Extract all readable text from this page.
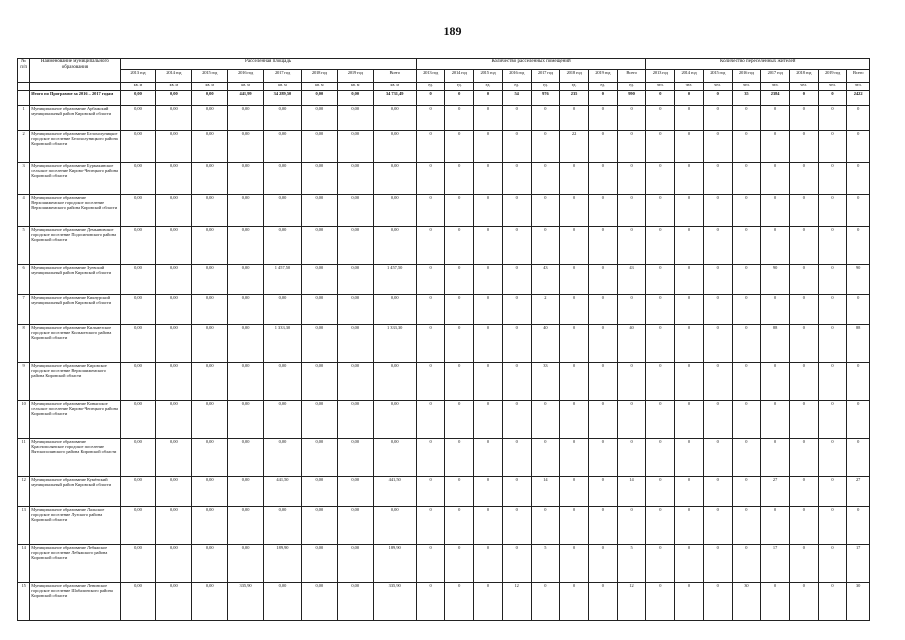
189
№ п/п	Наименование муниципального образования	Расселенная площадь								Количество расселенных помещений								Количество переселенных жителей							
		2013 год	2014 год	2015 год	2016 год	2017 год	2018 год	2019 год	Всего	2013 год	2014 год	2015 год	2016 год	2017 год	2018 год	2019 год	Всего	2013 год	2014 год	2015 год	2016 год	2017 год	2018 год	2019 год	Всего
		кв. м	кв. м	кв. м	кв. м	кв. м	кв. м	кв. м	кв. м	ед.	ед.	ед.	ед.	ед.	ед.	ед.	ед.	чел.	чел.	чел.	чел.	чел.	чел.	чел.	чел.
	Итого по Программе за 2016 – 2017 годам	0,00	0,00	0,00	441,99	34 289,50	0,00	0,00	34 731,49	0	0	0	54	976	235	0	990	0	0	0	35	2384	0	0	2422
1	Муниципальное образование Арбажский муниципальный район Кировской области	0,00	0,00	0,00	0,00	0,00	0,00	0,00	0,00	0	0	0	0	0	0	0	0	0	0	0	0	0	0	0	0
2	Муниципальное образование Белохолуницкое городское поселение Белохолуницкого района Кировской области	0,00	0,00	0,00	0,00	0,00	0,00	0,00	0,00	0	0	0	0	0	22	0	0	0	0	0	0	0	0	0	0
3	Муниципальное образование Бурмакинское сельское поселение Кирово-Чепецкого района Кировской области	0,00	0,00	0,00	0,00	0,00	0,00	0,00	0,00	0	0	0	0	0	0	0	0	0	0	0	0	0	0	0	0
4	Муниципальное образование Верхошижемское городское поселение Верхошижемского района Кировской области	0,00	0,00	0,00	0,00	0,00	0,00	0,00	0,00	0	0	0	0	0	0	0	0	0	0	0	0	0	0	0	0
5	Муниципальное образование Демьяновское городское поселение Подосиновского района Кировской области	0,00	0,00	0,00	0,00	0,00	0,00	0,00	0,00	0	0	0	0	0	0	0	0	0	0	0	0	0	0	0	0
6	Муниципальное образование Зуевский муниципальный район Кировской области	0,00	0,00	0,00	0,00	1 457,50	0,00	0,00	1 457,50	0	0	0	0	43	0	0	43	0	0	0	0	90	0	0	90
7	Муниципальное образование Кикнурский муниципальный район Кировской области	0,00	0,00	0,00	0,00	0,00	0,00	0,00	0,00	0	0	0	0	2	0	0	0	0	0	0	0	0	0	0	0
8	Муниципальное образование Кильмезское городское поселение Кильмезского района Кировской области	0,00	0,00	0,00	0,00	1 333,30	0,00	0,00	1 333,30	0	0	0	0	40	0	0	40	0	0	0	0	88	0	0	88
9	Муниципальное образование Кировское городское поселение Верхошижемского района Кировской области	0,00	0,00	0,00	0,00	0,00	0,00	0,00	0,00	0	0	0	0	33	0	0	0	0	0	0	0	0	0	0	0
10	Муниципальное образование Коныпское сельское поселение Кирово-Чепецкого района Кировской области	0,00	0,00	0,00	0,00	0,00	0,00	0,00	0,00	0	0	0	0	0	0	0	0	0	0	0	0	0	0	0	0
11	Муниципальное образование Краснополянское городское поселение Вятскополянского района Кировской области	0,00	0,00	0,00	0,00	0,00	0,00	0,00	0,00	0	0	0	0	0	0	0	0	0	0	0	0	0	0	0	0
12	Муниципальное образование Кумёнский муниципальный район Кировской области	0,00	0,00	0,00	0,00	441,50	0,00	0,00	441,50	0	0	0	0	14	0	0	14	0	0	0	0	27	0	0	27
13	Муниципальное образование Лальское городское поселение Лузского района Кировской области	0,00	0,00	0,00	0,00	0,00	0,00	0,00	0,00	0	0	0	0	0	0	0	0	0	0	0	0	0	0	0	0
14	Муниципальное образование Лебяжское городское поселение Лебяжского района Кировской области	0,00	0,00	0,00	0,00	189,90	0,00	0,00	189,90	0	0	0	0	5	0	0	5	0	0	0	0	17	0	0	17
15	Муниципальное образование Ленинское городское поселение Шабалинского района Кировской области	0,00	0,00	0,00	335,90	0,00	0,00	0,00	335,90	0	0	0	12	0	0	0	12	0	0	0	30	0	0	0	30
